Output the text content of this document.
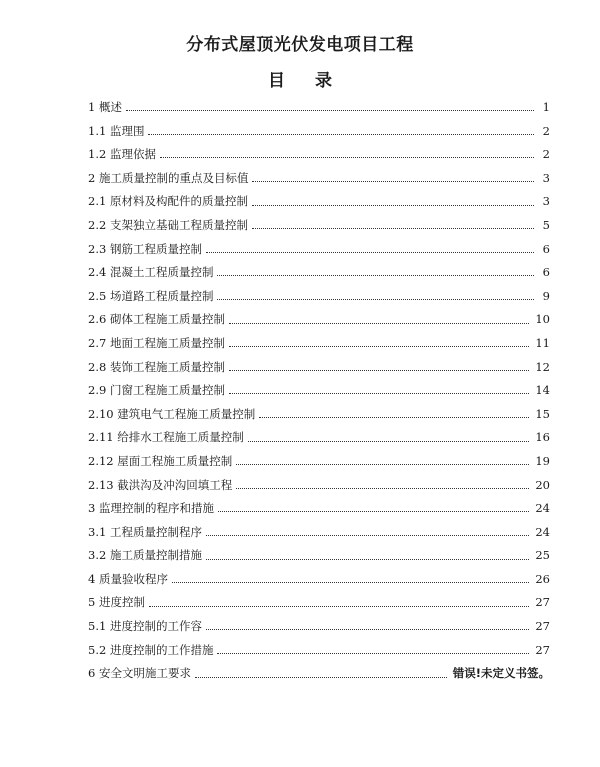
分布式屋顶光伏发电项目工程
目 录
1 概述	1
1.1 监理围	2
1.2 监理依据	2
2 施工质量控制的重点及目标值	3
2.1 原材料及构配件的质量控制	3
2.2 支架独立基础工程质量控制	5
2.3 钢筋工程质量控制	6
2.4 混凝土工程质量控制	6
2.5 场道路工程质量控制	9
2.6 砌体工程施工质量控制	10
2.7 地面工程施工质量控制	11
2.8 装饰工程施工质量控制	12
2.9 门窗工程施工质量控制	14
2.10 建筑电气工程施工质量控制	15
2.11 给排水工程施工质量控制	16
2.12 屋面工程施工质量控制	19
2.13 截洪沟及冲沟回填工程	20
3 监理控制的程序和措施	24
3.1 工程质量控制程序	24
3.2 施工质量控制措施	25
4 质量验收程序	26
5 进度控制	27
5.1 进度控制的工作容	27
5.2 进度控制的工作措施	27
6 安全文明施工要求	错误!未定义书签。
